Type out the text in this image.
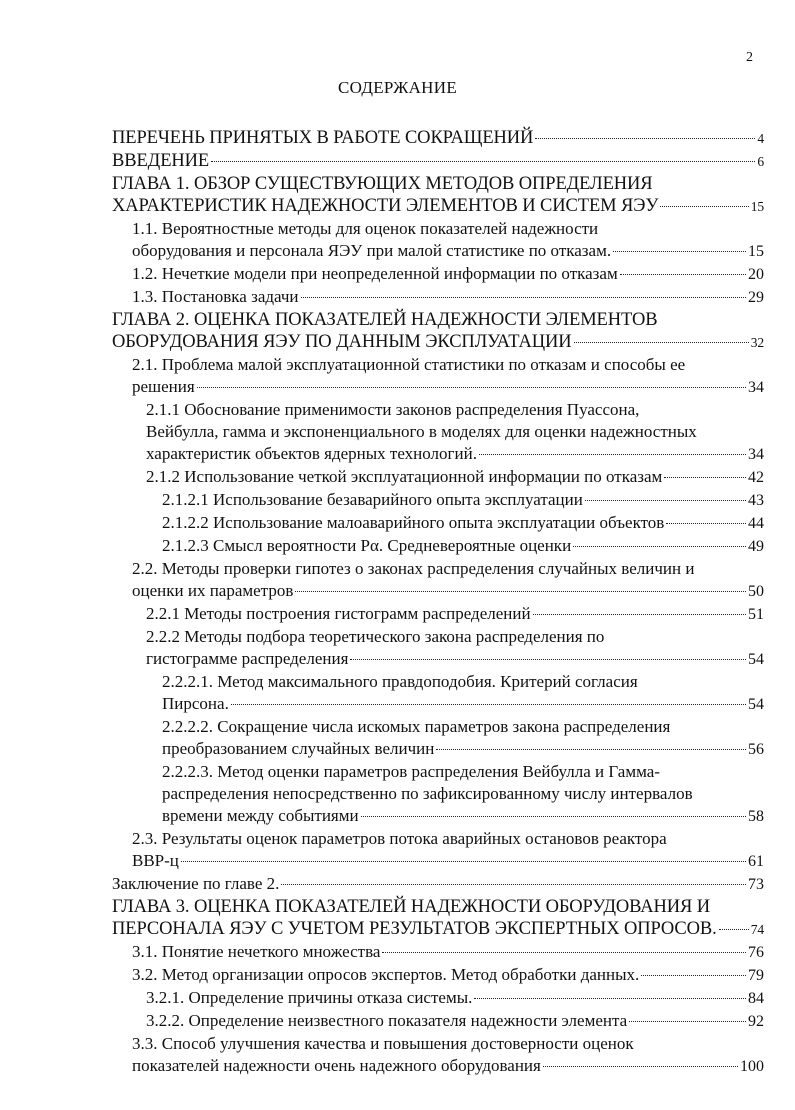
2
СОДЕРЖАНИЕ
ПЕРЕЧЕНЬ ПРИНЯТЫХ В РАБОТЕ СОКРАЩЕНИЙ	4
ВВЕДЕНИЕ	6
ГЛАВА 1. ОБЗОР СУЩЕСТВУЮЩИХ МЕТОДОВ ОПРЕДЕЛЕНИЯ
ХАРАКТЕРИСТИК НАДЕЖНОСТИ ЭЛЕМЕНТОВ И СИСТЕМ ЯЭУ	15
1.1. Вероятностные методы для оценок показателей надежности
оборудования и персонала ЯЭУ при малой статистике по отказам.	15
1.2. Нечеткие модели при неопределенной информации по отказам	20
1.3. Постановка задачи	29
ГЛАВА 2. ОЦЕНКА ПОКАЗАТЕЛЕЙ НАДЕЖНОСТИ ЭЛЕМЕНТОВ
ОБОРУДОВАНИЯ ЯЭУ ПО ДАННЫМ ЭКСПЛУАТАЦИИ	32
2.1. Проблема малой эксплуатационной статистики по отказам и способы ее
решения	34
2.1.1 Обоснование применимости законов распределения Пуассона,
Вейбулла, гамма и экспоненциального в моделях для оценки надежностных
характеристик объектов ядерных технологий.	34
2.1.2 Использование четкой эксплуатационной информации по отказам	42
2.1.2.1 Использование безаварийного опыта эксплуатации	43
2.1.2.2 Использование малоаварийного опыта эксплуатации объектов	44
2.1.2.3 Смысл вероятности Pα. Средневероятные оценки	49
2.2. Методы проверки гипотез о законах распределения случайных величин и
оценки их параметров	50
2.2.1 Методы построения гистограмм распределений	51
2.2.2 Методы подбора теоретического закона распределения по
гистограмме распределения	54
2.2.2.1. Метод максимального правдоподобия. Критерий согласия
Пирсона.	54
2.2.2.2. Сокращение числа искомых параметров закона распределения
преобразованием случайных величин	56
2.2.2.3. Метод оценки параметров распределения Вейбулла и Гамма-
распределения непосредственно по зафиксированному числу интервалов
времени между событиями	58
2.3. Результаты оценок параметров потока аварийных остановов реактора
ВВР-ц	61
Заключение по главе 2.	73
ГЛАВА 3. ОЦЕНКА ПОКАЗАТЕЛЕЙ НАДЕЖНОСТИ ОБОРУДОВАНИЯ И
ПЕРСОНАЛА ЯЭУ С УЧЕТОМ РЕЗУЛЬТАТОВ ЭКСПЕРТНЫХ ОПРОСОВ.	74
3.1. Понятие нечеткого множества	76
3.2. Метод организации опросов экспертов. Метод обработки данных.	79
3.2.1. Определение причины отказа системы.	84
3.2.2. Определение неизвестного показателя надежности элемента	92
3.3. Способ улучшения качества и повышения достоверности оценок
показателей надежности очень надежного оборудования	100
